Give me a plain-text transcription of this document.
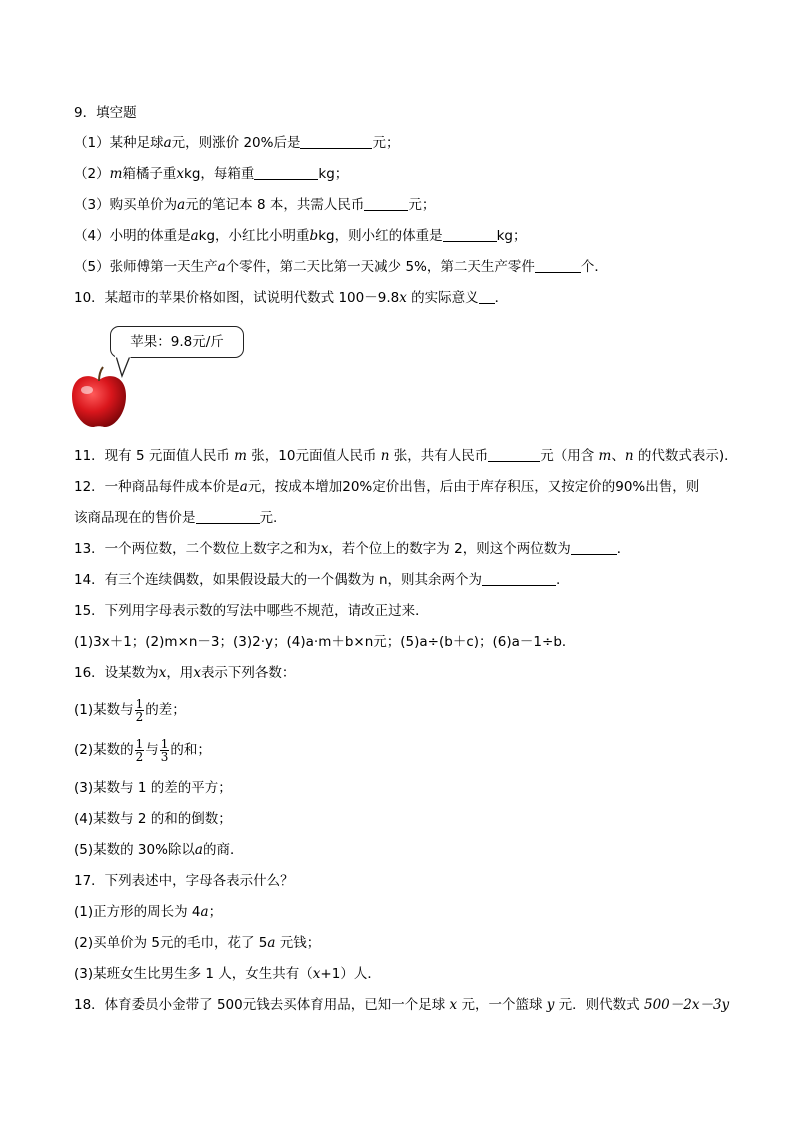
9．填空题
（1）某种足球a元，则涨价 20%后是	元；
（2）m箱橘子重xkg，每箱重	kg；
（3）购买单价为a元的笔记本 8 本，共需人民币	元；
（4）小明的体重是akg，小红比小明重bkg，则小红的体重是	kg；
（5）张师傅第一天生产a个零件，第二天比第一天减少 5%，第二天生产零件	个．
10．某超市的苹果价格如图，试说明代数式 100－9.8x 的实际意义 ．
苹果：9.8元/斤
11．现有 5 元面值人民币 m 张，10元面值人民币 n 张，共有人民币	元（用含 m、n 的代数式表示)．
12．一种商品每件成本价是a元，按成本增加20%定价出售，后由于库存积压，又按定价的90%出售，则
该商品现在的售价是	元.
13．一个两位数，二个数位上数字之和为x，若个位上的数字为 2，则这个两位数为	．
14．有三个连续偶数，如果假设最大的一个偶数为 n，则其余两个为	.
15．下列用字母表示数的写法中哪些不规范，请改正过来．
(1)3x＋1；(2)m×n－3；(3)2·y；(4)a·m＋b×n元；(5)a÷(b＋c)；(6)a－1÷b．
16．设某数为x，用x表示下列各数：
(1)某数与 $\frac{1}{2}$ 的差；
(2)某数的 $\frac{1}{2}$ 与 $\frac{1}{3}$ 的和；
(3)某数与 1 的差的平方；
(4)某数与 2 的和的倒数；
(5)某数的 30%除以a的商．
17．下列表述中，字母各表示什么？
(1)正方形的周长为 4a；
(2)买单价为 5元的毛巾，花了 5a 元钱；
(3)某班女生比男生多 1 人，女生共有（x+1）人．
18．体育委员小金带了 500元钱去买体育用品，已知一个足球 x 元，一个篮球 y 元．则代数式 500－2x－3y
